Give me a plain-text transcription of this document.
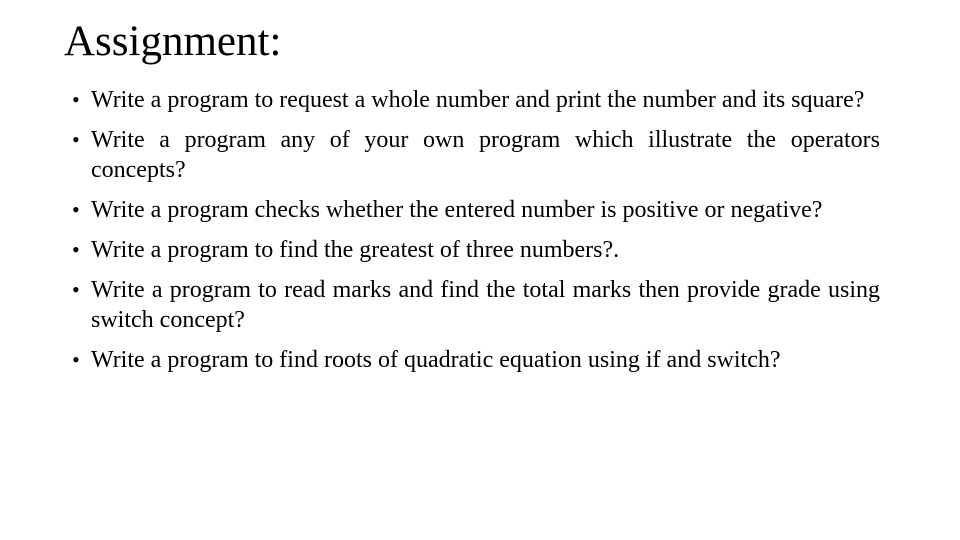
Assignment:
• Write a program to request a whole number and print the number and its square?
• Write a program any of your own program which illustrate the operators concepts?
• Write a program checks whether the entered number is positive or negative?
• Write a program to find the greatest of three numbers?.
• Write a program to read marks and find the total marks then provide grade using switch concept?
• Write a program to find roots of quadratic equation using if and switch?
